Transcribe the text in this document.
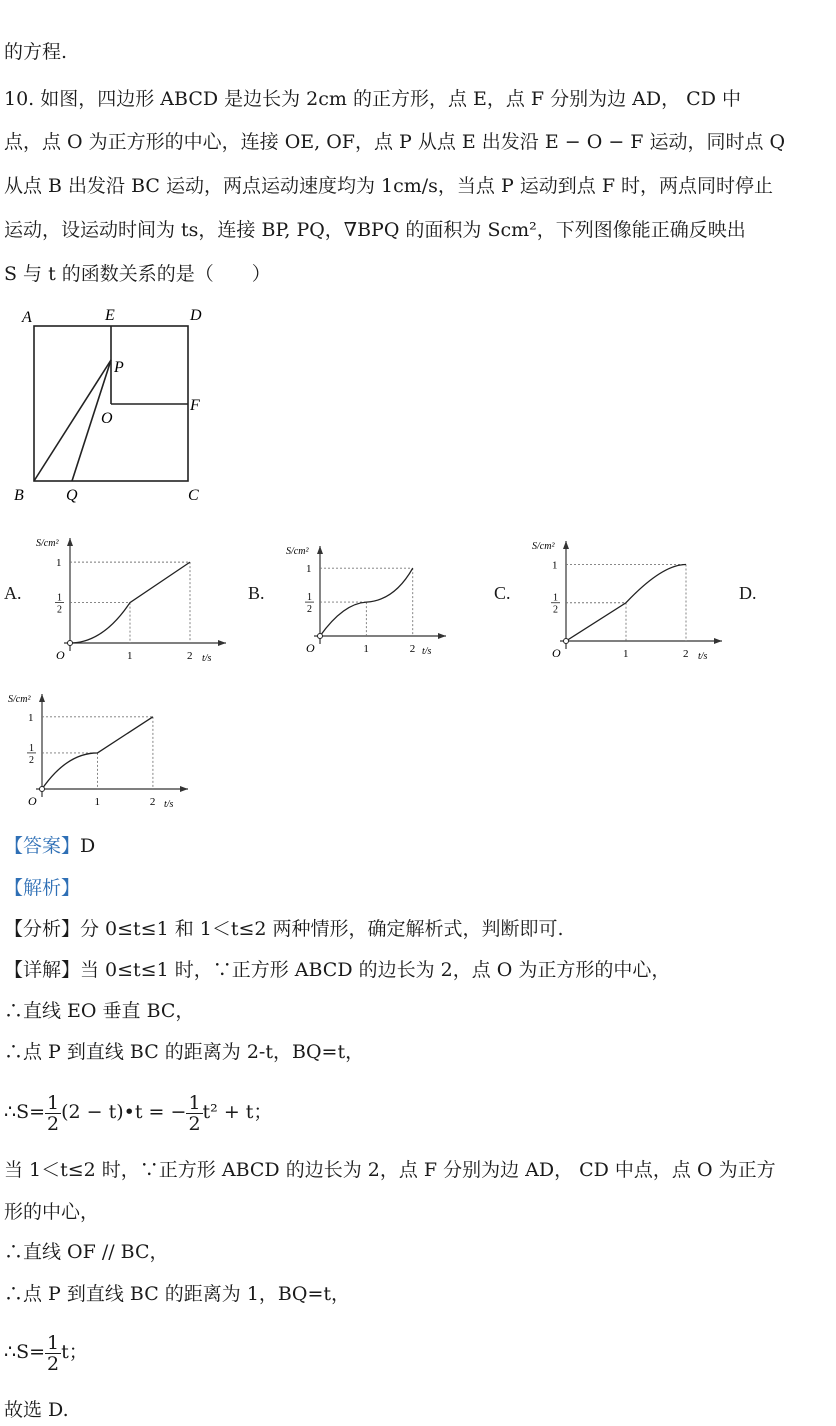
的方程.
10. 如图，四边形 ABCD 是边长为 2cm 的正方形，点 E，点 F 分别为边 AD， CD 中
点，点 O 为正方形的中心，连接 OE, OF，点 P 从点 E 出发沿 E − O − F 运动，同时点 Q
从点 B 出发沿 BC 运动，两点运动速度均为 1cm/s，当点 P 运动到点 F 时，两点同时停止
运动，设运动时间为 ts，连接 BP, PQ，∇BPQ 的面积为 Scm²，下列图像能正确反映出
S 与 t 的函数关系的是（　　）
A	E	D
P
O
F
B	Q	C
A.	B.	C.	D.
S/cm²
t/s
O	1	2
1
1
2
S/cm²
t/s
O	1	2
1
1
2
S/cm²
t/s
O	1	2
1
1
2
S/cm²
t/s
O	1	2
1
1
2
【答案】D
【解析】
【分析】分 0≤t≤1 和 1＜t≤2 两种情形，确定解析式，判断即可.
【详解】当 0≤t≤1 时，∵正方形 ABCD 的边长为 2，点 O 为正方形的中心，
∴直线 EO 垂直 BC，
∴点 P 到直线 BC 的距离为 2-t，BQ=t，
∴S= $\frac{1}{2} (2$ − t)•t = − $\frac{1}{2} t^2 + t$；
当 1＜t≤2 时，∵正方形 ABCD 的边长为 2，点 F 分别为边 AD， CD 中点，点 O 为正方
形的中心，
∴直线 OF // BC，
∴点 P 到直线 BC 的距离为 1，BQ=t，
∴S= $\frac{1}{2}$ t；
故选 D.
